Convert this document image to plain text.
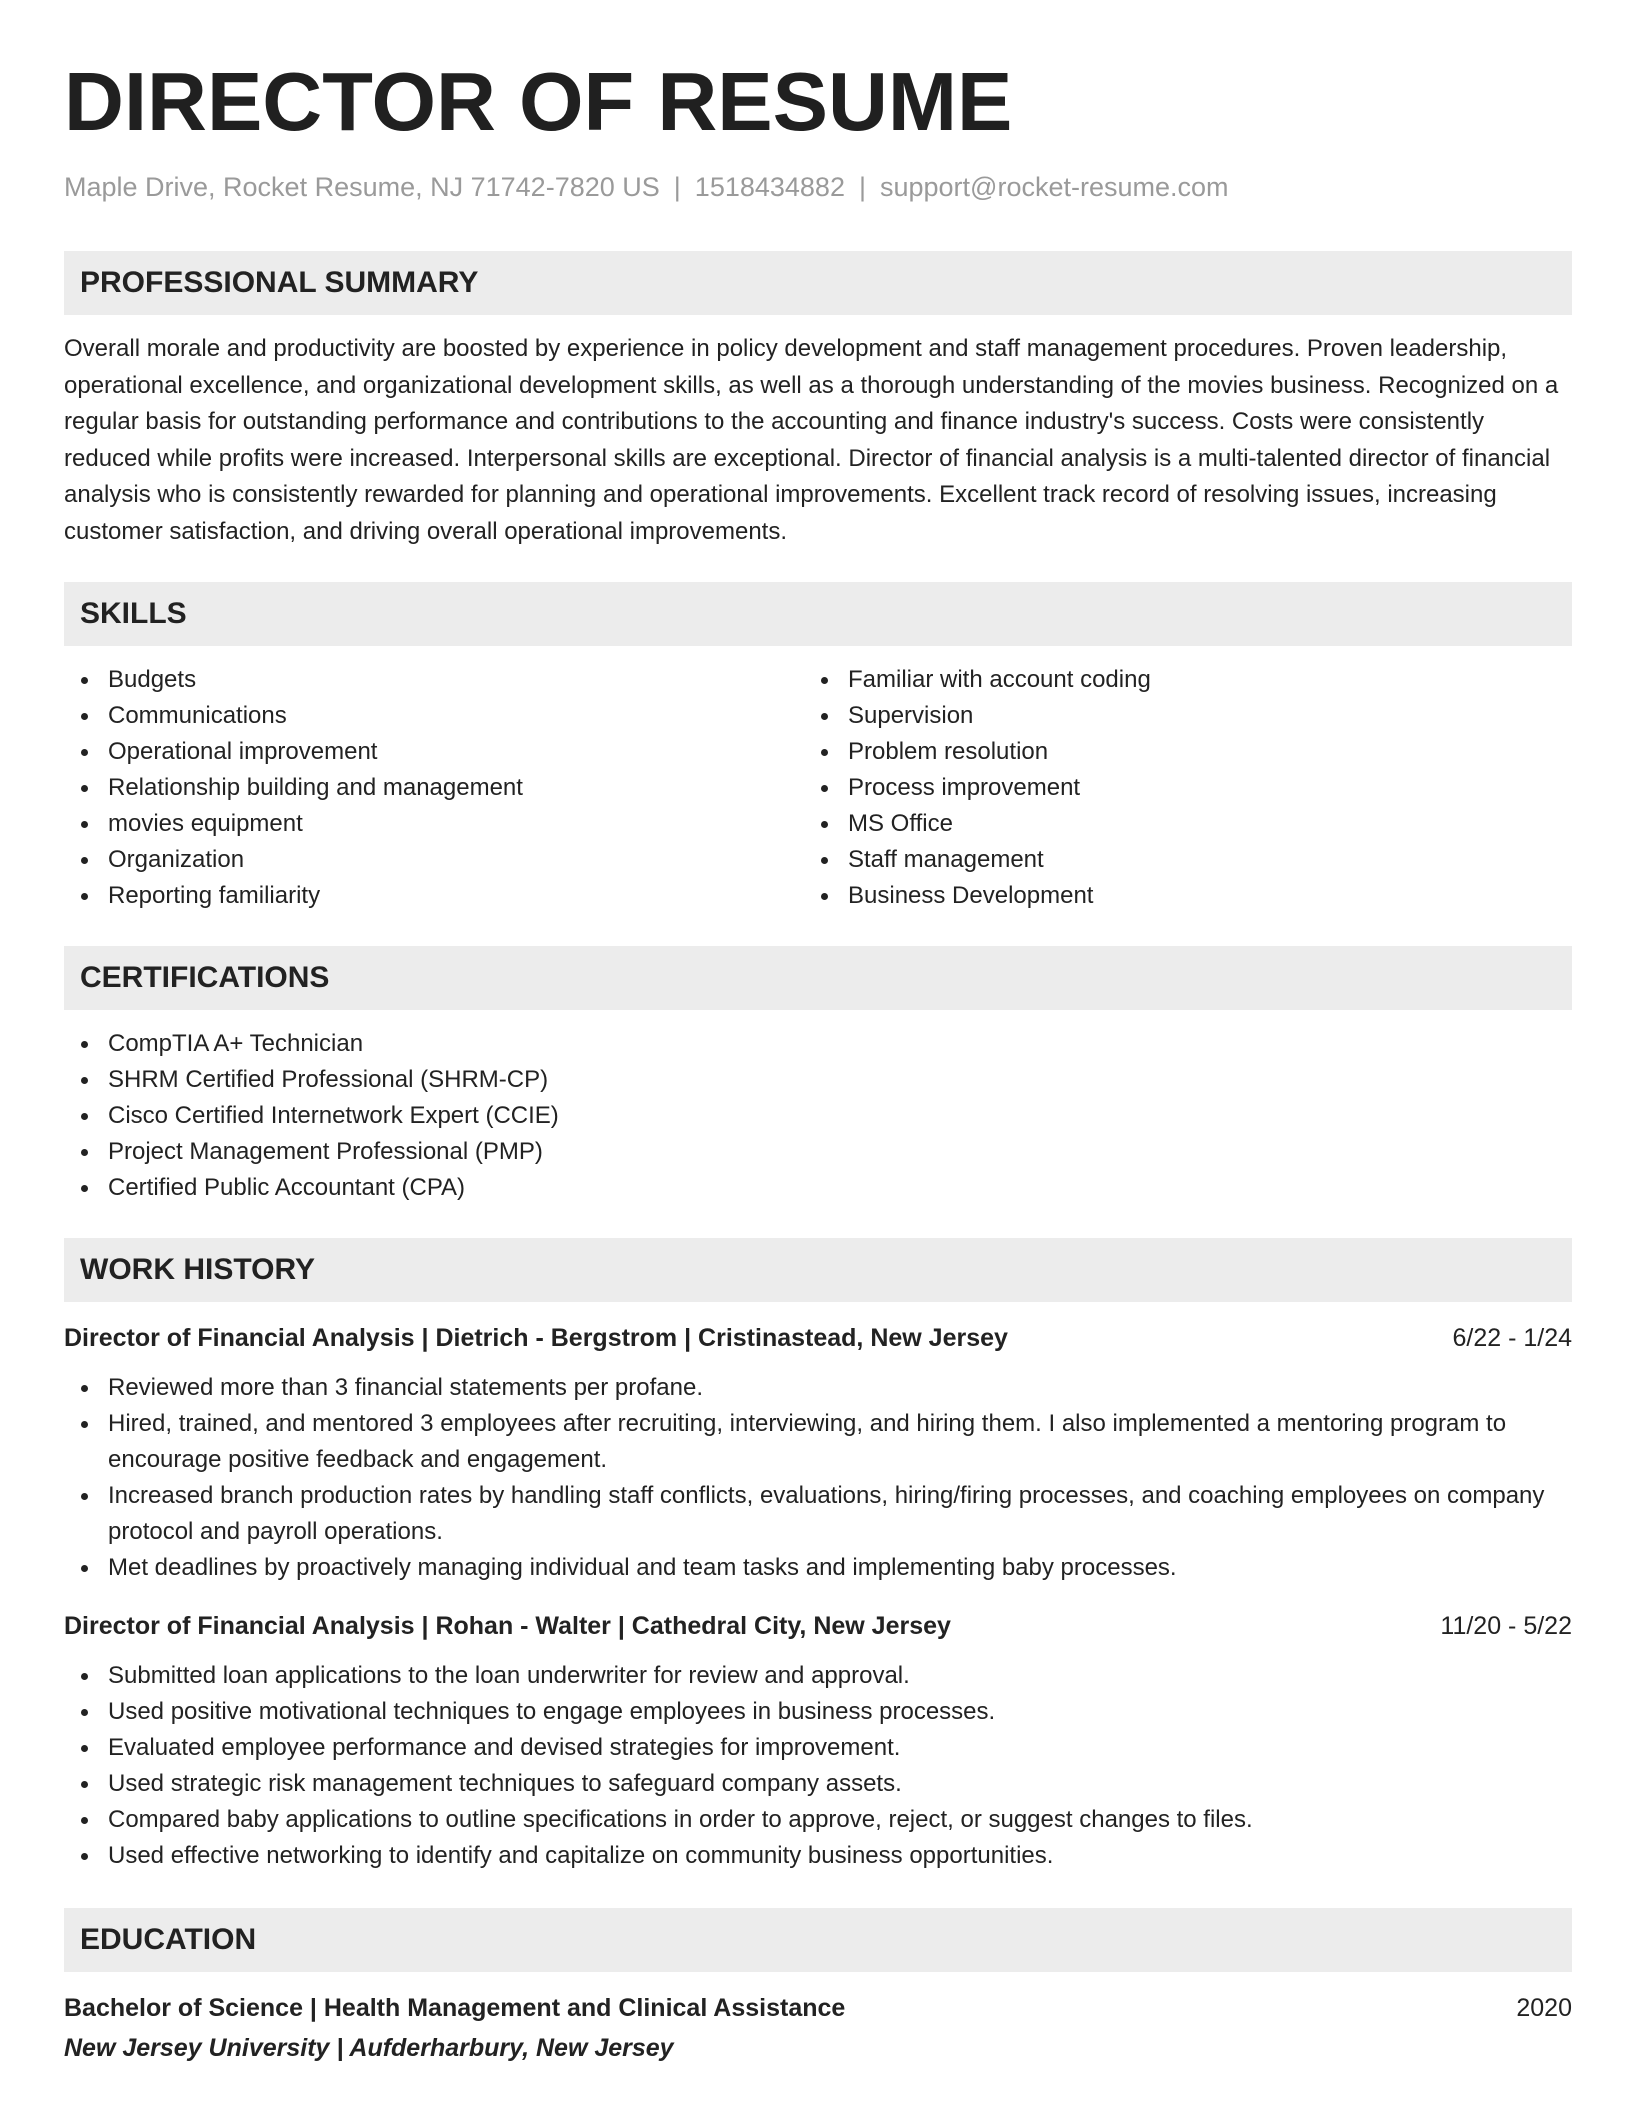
DIRECTOR OF RESUME
Maple Drive, Rocket Resume, NJ 71742-7820 US | 1518434882 | support@rocket-resume.com
PROFESSIONAL SUMMARY
Overall morale and productivity are boosted by experience in policy development and staff management procedures. Proven leadership, operational excellence, and organizational development skills, as well as a thorough understanding of the movies business. Recognized on a regular basis for outstanding performance and contributions to the accounting and finance industry's success. Costs were consistently reduced while profits were increased. Interpersonal skills are exceptional. Director of financial analysis is a multi-talented director of financial analysis who is consistently rewarded for planning and operational improvements. Excellent track record of resolving issues, increasing customer satisfaction, and driving overall operational improvements.
SKILLS
Budgets
Communications
Operational improvement
Relationship building and management
movies equipment
Organization
Reporting familiarity
Familiar with account coding
Supervision
Problem resolution
Process improvement
MS Office
Staff management
Business Development
CERTIFICATIONS
CompTIA A+ Technician
SHRM Certified Professional (SHRM-CP)
Cisco Certified Internetwork Expert (CCIE)
Project Management Professional (PMP)
Certified Public Accountant (CPA)
WORK HISTORY
Director of Financial Analysis | Dietrich - Bergstrom | Cristinastead, New Jersey	6/22 - 1/24
Reviewed more than 3 financial statements per profane.
Hired, trained, and mentored 3 employees after recruiting, interviewing, and hiring them. I also implemented a mentoring program to encourage positive feedback and engagement.
Increased branch production rates by handling staff conflicts, evaluations, hiring/firing processes, and coaching employees on company protocol and payroll operations.
Met deadlines by proactively managing individual and team tasks and implementing baby processes.
Director of Financial Analysis | Rohan - Walter | Cathedral City, New Jersey	11/20 - 5/22
Submitted loan applications to the loan underwriter for review and approval.
Used positive motivational techniques to engage employees in business processes.
Evaluated employee performance and devised strategies for improvement.
Used strategic risk management techniques to safeguard company assets.
Compared baby applications to outline specifications in order to approve, reject, or suggest changes to files.
Used effective networking to identify and capitalize on community business opportunities.
EDUCATION
Bachelor of Science | Health Management and Clinical Assistance	2020
New Jersey University | Aufderharbury, New Jersey
